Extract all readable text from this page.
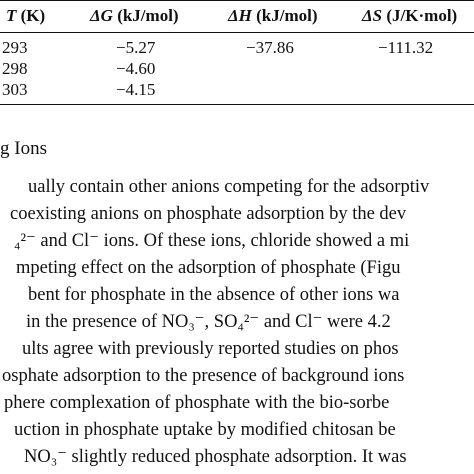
T (K)	ΔG (kJ/mol)	ΔH (kJ/mol)	ΔS (J/K·mol)
293	−5.27	−37.86	−111.32
298	−4.60
303	−4.15
g Ions
ually contain other anions competing for the adsorptiv
coexisting anions on phosphate adsorption by the dev
₄²⁻ and Cl⁻ ions. Of these ions, chloride showed a mi
mpeting effect on the adsorption of phosphate (Figu
bent for phosphate in the absence of other ions wa
in the presence of NO₃⁻, SO₄²⁻ and Cl⁻ were 4.2
ults agree with previously reported studies on phos
osphate adsorption to the presence of background ions
phere complexation of phosphate with the bio-sorbe
uction in phosphate uptake by modified chitosan be
NO₃⁻ slightly reduced phosphate adsorption. It was
